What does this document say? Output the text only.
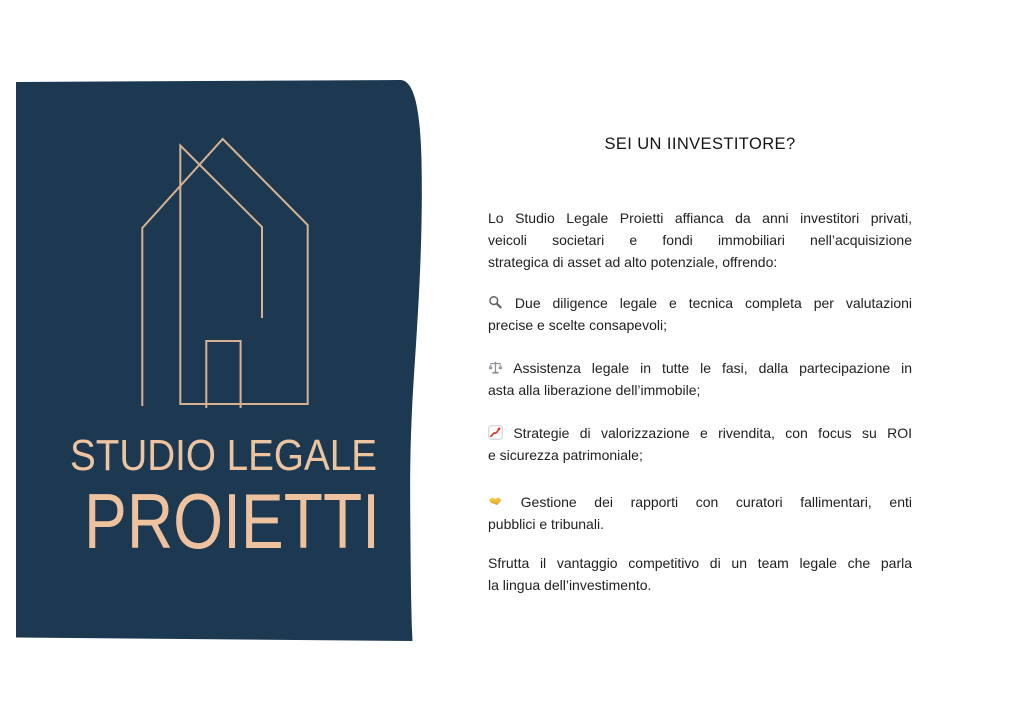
STUDIO LEGALE
PROIETTI
SEI UN IINVESTITORE?
Lo Studio Legale Proietti affianca da anni investitori privati,
veicoli societari e fondi immobiliari nell’acquisizione
strategica di asset ad alto potenziale, offrendo:
Due diligence legale e tecnica completa per valutazioni
precise e scelte consapevoli;
Assistenza legale in tutte le fasi, dalla partecipazione in
asta alla liberazione dell’immobile;
Strategie di valorizzazione e rivendita, con focus su ROI
e sicurezza patrimoniale;
Gestione dei rapporti con curatori fallimentari, enti
pubblici e tribunali.
Sfrutta il vantaggio competitivo di un team legale che parla
la lingua dell’investimento.
